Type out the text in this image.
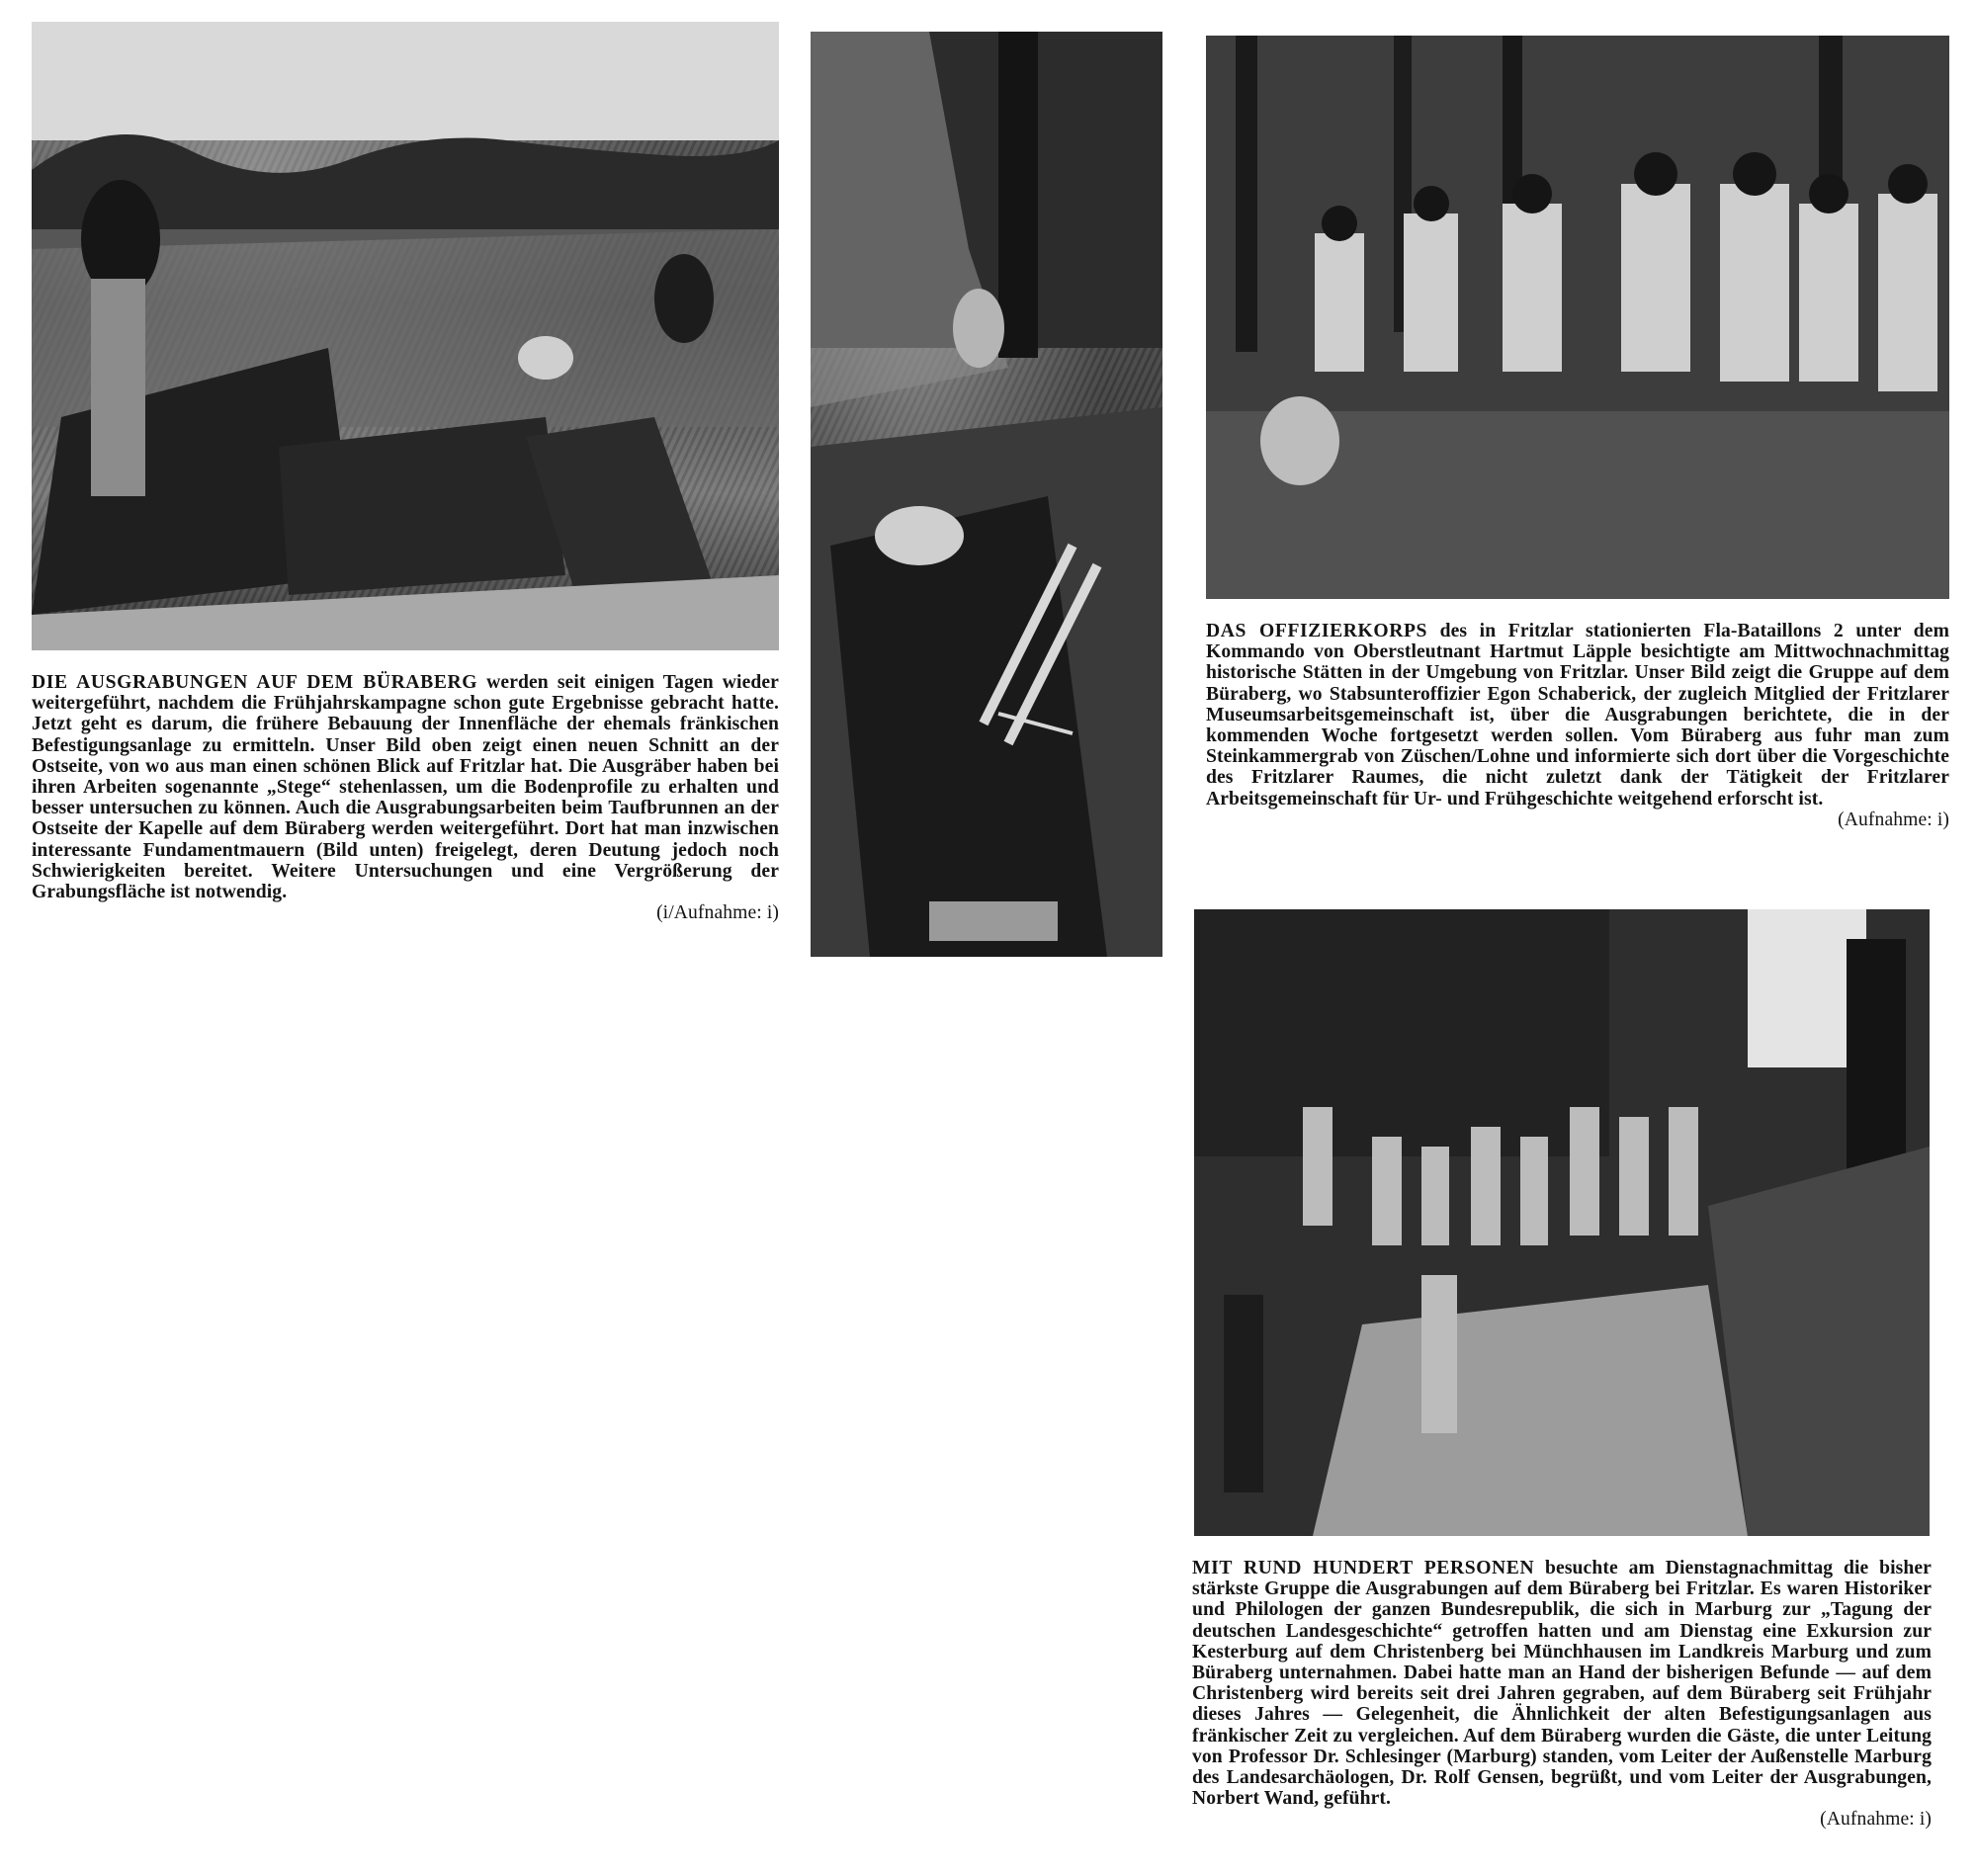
DIE AUSGRABUNGEN AUF DEM BÜRABERG werden seit einigen Tagen wieder weitergeführt, nachdem die Frühjahrskampagne schon gute Ergebnisse gebracht hatte. Jetzt geht es darum, die frühere Bebauung der Innenfläche der ehemals fränkischen Befestigungsanlage zu ermitteln. Unser Bild oben zeigt einen neuen Schnitt an der Ostseite, von wo aus man einen schönen Blick auf Fritzlar hat. Die Ausgräber haben bei ihren Arbeiten sogenannte „Stege“ stehenlassen, um die Bodenprofile zu erhalten und besser untersuchen zu können. Auch die Ausgrabungsarbeiten beim Taufbrunnen an der Ostseite der Kapelle auf dem Büraberg werden weitergeführt. Dort hat man inzwischen interessante Fundamentmauern (Bild unten) freigelegt, deren Deutung jedoch noch Schwierigkeiten bereitet. Weitere Untersuchungen und eine Vergrößerung der Grabungsfläche ist notwendig.
(i/Aufnahme: i)

DAS OFFIZIERKORPS des in Fritzlar stationierten Fla-Bataillons 2 unter dem Kommando von Oberstleutnant Hartmut Läpple besichtigte am Mittwochnachmittag historische Stätten in der Umgebung von Fritzlar. Unser Bild zeigt die Gruppe auf dem Büraberg, wo Stabsunteroffizier Egon Schaberick, der zugleich Mitglied der Fritzlarer Museumsarbeitsgemeinschaft ist, über die Ausgrabungen berichtete, die in der kommenden Woche fortgesetzt werden sollen. Vom Büraberg aus fuhr man zum Steinkammergrab von Züschen/Lohne und informierte sich dort über die Vorgeschichte des Fritzlarer Raumes, die nicht zuletzt dank der Tätigkeit der Fritzlarer Arbeitsgemeinschaft für Ur- und Frühgeschichte weitgehend erforscht ist.
(Aufnahme: i)

MIT RUND HUNDERT PERSONEN besuchte am Dienstagnachmittag die bisher stärkste Gruppe die Ausgrabungen auf dem Büraberg bei Fritzlar. Es waren Historiker und Philologen der ganzen Bundesrepublik, die sich in Marburg zur „Tagung der deutschen Landesgeschichte“ getroffen hatten und am Dienstag eine Exkursion zur Kesterburg auf dem Christenberg bei Münchhausen im Landkreis Marburg und zum Büraberg unternahmen. Dabei hatte man an Hand der bisherigen Befunde — auf dem Christenberg wird bereits seit drei Jahren gegraben, auf dem Büraberg seit Frühjahr dieses Jahres — Gelegenheit, die Ähnlichkeit der alten Befestigungsanlagen aus fränkischer Zeit zu vergleichen. Auf dem Büraberg wurden die Gäste, die unter Leitung von Professor Dr. Schlesinger (Marburg) standen, vom Leiter der Außenstelle Marburg des Landesarchäologen, Dr. Rolf Gensen, begrüßt, und vom Leiter der Ausgrabungen, Norbert Wand, geführt.
(Aufnahme: i)
